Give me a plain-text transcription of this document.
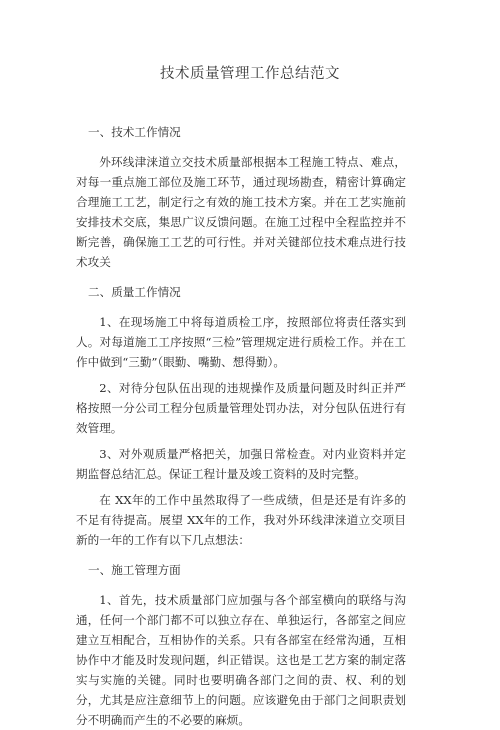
技术质量管理工作总结范文

一、技术工作情况

外环线津涞道立交技术质量部根据本工程施工特点、难点，对每一重点施工部位及施工环节，通过现场勘查，精密计算确定合理施工工艺，制定行之有效的施工技术方案。并在工艺实施前安排技术交底，集思广议反馈问题。在施工过程中全程监控并不断完善，确保施工工艺的可行性。并对关键部位技术难点进行技术攻关

二、质量工作情况

1、在现场施工中将每道质检工序，按照部位将责任落实到人。对每道施工工序按照“三检”管理规定进行质检工作。并在工作中做到“三勤”（眼勤、嘴勤、想得勤）。

2、对待分包队伍出现的违规操作及质量问题及时纠正并严格按照一分公司工程分包质量管理处罚办法，对分包队伍进行有效管理。

3、对外观质量严格把关，加强日常检查。对内业资料并定期监督总结汇总。保证工程计量及竣工资料的及时完整。

在 XX年的工作中虽然取得了一些成绩，但是还是有许多的不足有待提高。展望 XX年的工作，我对外环线津涞道立交项目新的一年的工作有以下几点想法：

一、施工管理方面

1、首先，技术质量部门应加强与各个部室横向的联络与沟通，任何一个部门都不可以独立存在、单独运行，各部室之间应建立互相配合，互相协作的关系。只有各部室在经常沟通，互相协作中才能及时发现问题，纠正错误。这也是工艺方案的制定落实与实施的关键。同时也要明确各部门之间的责、权、利的划分，尤其是应注意细节上的问题。应该避免由于部门之间职责划分不明确而产生的不必要的麻烦。
